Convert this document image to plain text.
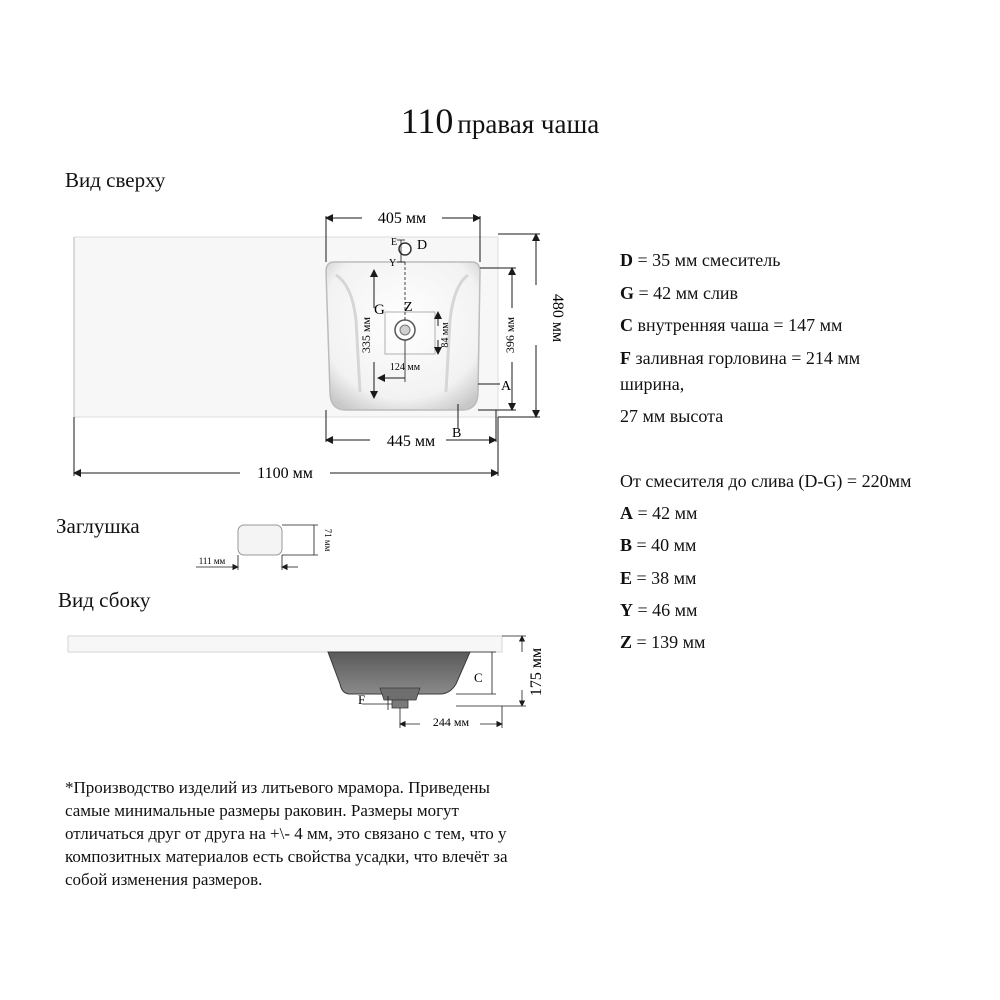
110 правая чаша
Вид сверху
Заглушка
Вид сбоку
405 мм
445 мм
1100 мм
480 мм
396 мм
335 мм
124 мм
84 мм
E
Y
D
G Z
A
B
111 мм
71 мм
175 мм
C
F
244 мм
D = 35 мм смеситель
G = 42 мм слив
C внутренняя чаша = 147 мм
F заливная горловина = 214 мм
ширина,
27 мм высота
От смесителя до слива (D-G) = 220мм
A = 42 мм
B = 40 мм
E = 38 мм
Y = 46 мм
Z = 139 мм
*Производство изделий из литьевого мрамора. Приведены
самые минимальные размеры раковин. Размеры могут
отличаться друг от друга на +\- 4 мм, это связано с тем, что у
композитных материалов есть свойства усадки, что влечёт за
собой изменения размеров.
